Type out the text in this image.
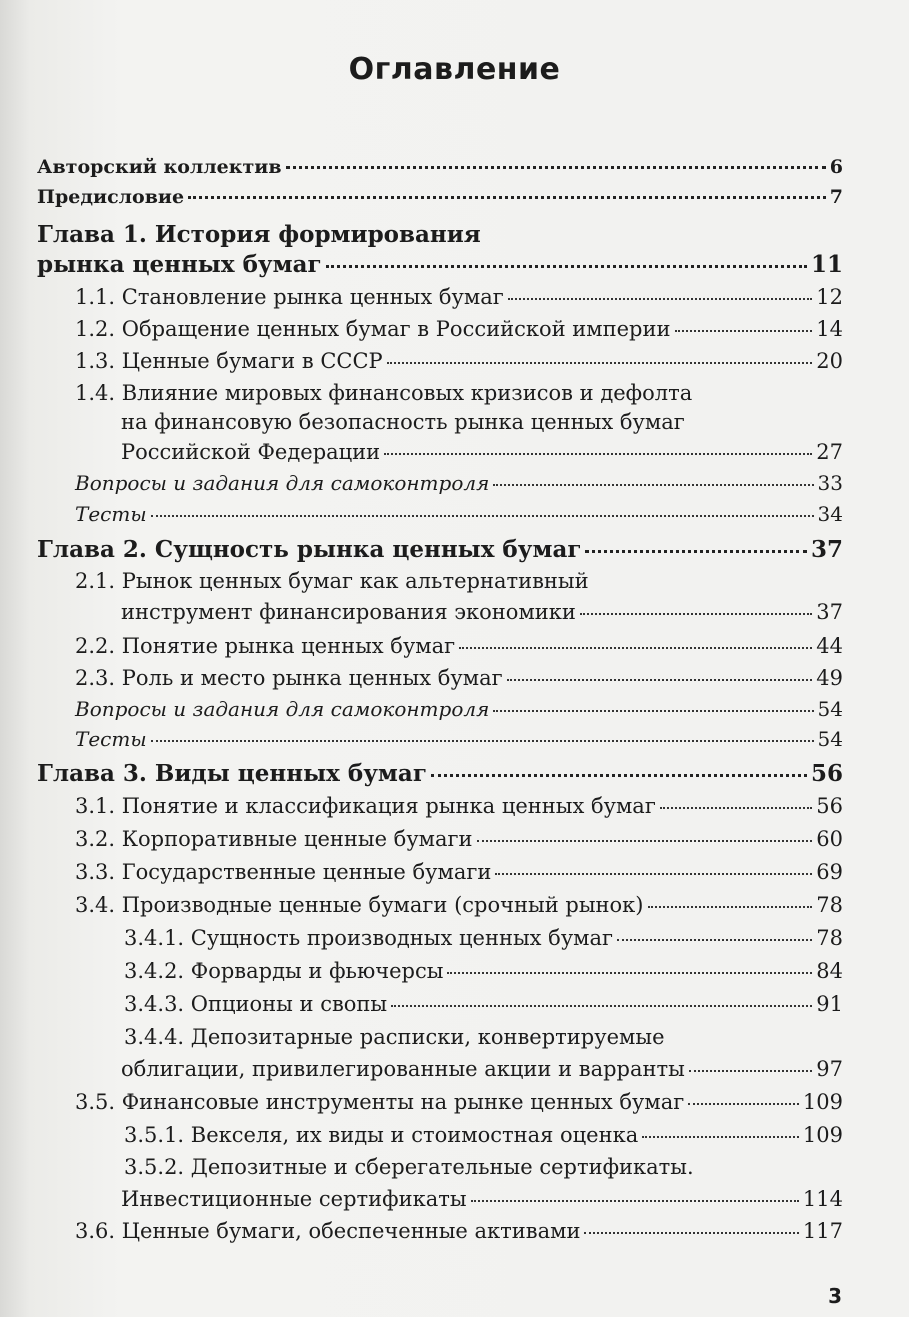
Оглавление
Авторский коллектив	6
Предисловие	7
Глава 1. История формирования
рынка цeнных бумаг	11
1.1. Становление рынка ценных бумаг	12
1.2. Обращение ценных бумаг в Российской империи	14
1.3. Ценные бумаги в СССР	20
1.4. Влияние мировых финансовых кризисов и дефолта
на финансовую безопасность рынка ценных бумаг
Российской Федерации	27
Вопросы и задания для самоконтроля	33
Тесты	34
Глава 2. Сущность рынка ценных бумаг	37
2.1. Рынок ценных бумаг как альтернативный
инструмент финансирования экономики	37
2.2. Понятие рынка ценных бумаг	44
2.3. Роль и место рынка ценных бумаг	49
Вопросы и задания для самоконтроля	54
Тесты	54
Глава 3. Виды ценных бумаг	56
3.1. Понятие и классификация рынка ценных бумаг	56
3.2. Корпоративные ценные бумаги	60
3.3. Государственные ценные бумаги	69
3.4. Производные ценные бумаги (срочный рынок)	78
3.4.1. Сущность производных ценных бумаг	78
3.4.2. Форварды и фьючерсы	84
3.4.3. Опционы и свопы	91
3.4.4. Депозитарные расписки, конвертируемые
облигации, привилегированные акции и варранты	97
3.5. Финансовые инструменты на рынке ценных бумаг	109
3.5.1. Векселя, их виды и стоимостная оценка	109
3.5.2. Депозитные и сберегательные сертификаты.
Инвестиционные сертификаты	114
3.6. Ценные бумаги, обеспеченные активами	117
3
